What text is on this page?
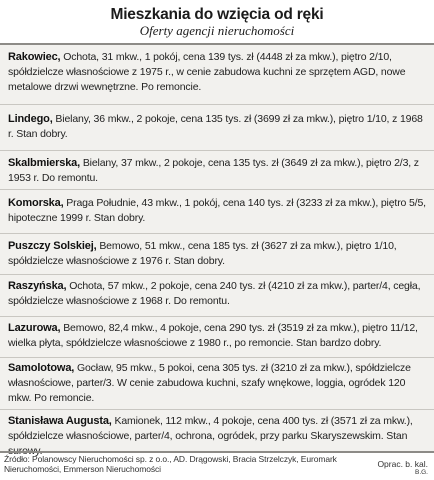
Mieszkania do wzięcia od ręki
Oferty agencji nieruchomości
Rakowiec, Ochota, 31 mkw., 1 pokój, cena 139 tys. zł (4448 zł za mkw.), piętro 2/10, spółdzielcze własnościowe z 1975 r., w cenie zabudowa kuchni ze sprzętem AGD, nowe metalowe drzwi wewnętrzne. Po remoncie.
Lindego, Bielany, 36 mkw., 2 pokoje, cena 135 tys. zł (3699 zł za mkw.), piętro 1/10, z 1968 r. Stan dobry.
Skalbmierska, Bielany, 37 mkw., 2 pokoje, cena 135 tys. zł (3649 zł za mkw.), piętro 2/3, z 1953 r. Do remontu.
Komorska, Praga Południe, 43 mkw., 1 pokój, cena 140 tys. zł (3233 zł za mkw.), piętro 5/5, hipoteczne 1999 r. Stan dobry.
Puszczy Solskiej, Bemowo, 51 mkw., cena 185 tys. zł (3627 zł za mkw.), piętro 1/10, spółdzielcze własnościowe z 1976 r. Stan dobry.
Raszyńska, Ochota, 57 mkw., 2 pokoje, cena 240 tys. zł (4210 zł za mkw.), parter/4, cegła, spółdzielcze własnościowe z 1968 r. Do remontu.
Lazurowa, Bemowo, 82,4 mkw., 4 pokoje, cena 290 tys. zł (3519 zł za mkw.), piętro 11/12, wielka płyta, spółdzielcze własnościowe z 1980 r., po remoncie. Stan bardzo dobry.
Samolotowa, Gocław, 95 mkw., 5 pokoi, cena 305 tys. zł (3210 zł za mkw.), spółdzielcze własnościowe, parter/3. W cenie zabudowa kuchni, szafy wnękowe, loggia, ogródek 120 mkw. Po remoncie.
Stanisława Augusta, Kamionek, 112 mkw., 4 pokoje, cena 400 tys. zł (3571 zł za mkw.), spółdzielcze własnościowe, parter/4, ochrona, ogródek, przy parku Skaryszewskim. Stan
Źródło: Polanowscy Nieruchomości sp. z o.o., AD. Drągowski, Bracia Strzelczyk, Euromark Nieruchomości, Emmerson Nieruchomości	Oprac. b. kal.
B.G.
